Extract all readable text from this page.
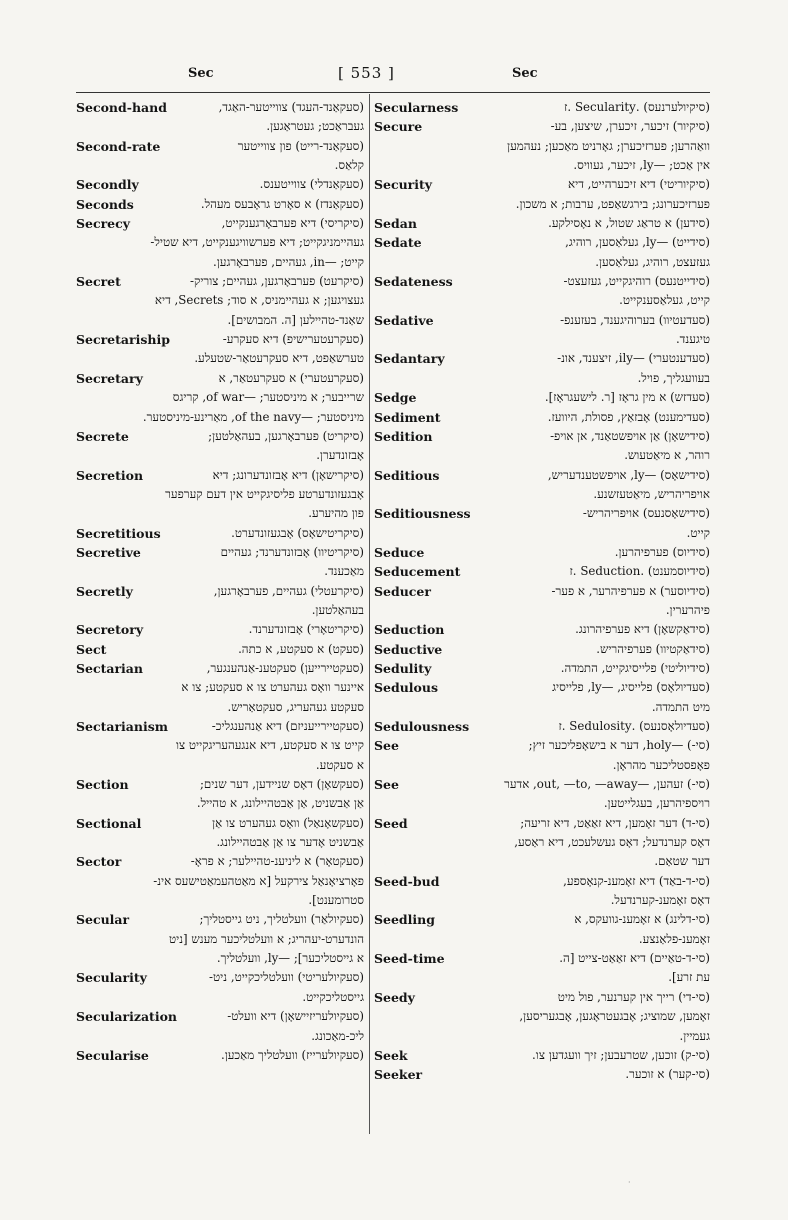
Sec	[ 553 ]	Sec
Second-hand	(סעקאַנד-העגד) צווייטער-האַגד,
געבראַכט; געטראַגען.
Second-rate	(סעקאַנד-רייט) פון צווייטער
קלאַס.
Secondly	(סעקאַנדלי) צווייטענס.
Seconds	(סעקאַנדז) א סאָרט גראָבעס מעהל.
Secrecy	(סיקריסי) דיא פערבאָרגענקייט,
געהיימניגקייט; דיא פערשוויגענקייט, דיא שטיל-
קייט; —in, געהיים, פערבאָרגען.
Secret	(סיקרעט) פערבאָרגען, געהיים; צוריק-
געצויגען; א געהיימניס, א סוד; Secrets, דיא
שאַנד-טהיילען [ה. המבושים].
Secretariship	(סעקרעטערישיפ) דיא סעקרע-
טערשאַפט, דיא סעקרעטאַר-שטעלע.
Secretary	(סעקרעטערי) א סעקרעטאַר, א
שרייבער; א מיניסטער; —of war, קריגס
מיניסטער; —of the navy, מאַרינע-מיניסטער.
Secrete	(סיקריט) פערבאָרגען, בעהאַלטען;
אָבזונדערן.
Secretion	(סיקרישאָן) דיא אָבזונדערונג; דיא
אָבגעזונדערטע פליסיגקייט אין דעם קערפער
פון מהיערע.
Secretitious	(סיקריטישאָס) אָבגעזונדערט.
Secretive	(סיקריטיוו) אָבזונדערנד; געהיים
מאַכענד.
Secretly	(סיקרעטלי) געהיים, פערבאָרגען,
בעהאַלטען.
Secretory	(סיקריטאָרי) אָבזונדערנד.
Sect	(סעקט) א סעקטע, א כתה.
Sectarian	(סעקטיירייען) סעקטענ-אַנהענגער,
איינער וואָס געהערט צו א סעקטע; צו א
סעקטע געהעריג, סעקטאַריש.
Sectarianism	(סעקטיירייעניזם) דיא אַנהענגליכ-
קייט צו א סעקטע, דיא אנגעהעריגקייט צו
א סעקטע.
Section	(סעקשאָן) דאָס שניידען, דער שנים;
אַן אַבשניט, אַן אַבטהיילונג, א טהייל.
Sectional	(סעקשאָנאַל) וואָס געהערט צו אַן
אַבשניט אָדער צו אַן אַבטהיילונג.
Sector	(סעקטאָר) א ליניענ-טהיילער; א פראָ-
פאָרציאָנאַל צירקעל [א מאַטהעמאַטישעס אינ-
סטרומענט].
Secular	(סעקיולאַר) וועלטליך, ניט גייסטליך;
הונדערט-יעהריג; א וועלטליכער מענש [ניט
א גייסטליכער]; —ly, וועלטליך.
Secularity	(סעקיולעריטי) וועלטליכקייט, ניט-
גייסטליכקייט.
Secularization	(סעקיולעריזיישאָן) דיא וועלט-
ליכ-מאַכונג.
Secularise	(סעקיולערייז) וועלטליך מאַכען.
Secularness	(סיקיולערנעס) .Secularity .ז
Secure	(סיקיור) זיכער, זיכערן, שיצען, בע-
וואַהרען; פערזיכערן; גאָרניט מאַכען; נעהמען
אין אַכט; —ly, זיכער, געוויס.
Security	(סיקיוריטי) דיא זיכערהייט, דיא
פערזיכערונג; בירגשאַפט, ערבות; א משכון.
Sedan	(סידען) א טראַג שטול, א נאָסילקע.
Sedate	(סידייט) —ly, געלאַסען, רוהיג,
געזעצט, רוהיג, געלאַסען.
Sedateness	(סידייטנעס) רוהיגקייט, געזעצט-
קייט, געלאַסענקייט.
Sedative	(סעדעטיוו) בערוהיגענד, בעזענפ-
טיגענד.
Sedantary	(סעדענטערי) —ily, זיצענד, אונ-
בעוועגליך, פויל.
Sedge	(סעדזש) א מין גראָז [ר. לישעגראָז].
Sediment	(סעדימענט) אָבזאַץ, פסולת, היוועז.
Sedition	(סידישאָן) אַן אויפשטאַנד, אן אויפ-
רוהר, א מיאַטעוש.
Seditious	(סידישאָס) —ly, אויפשטענדעריש,
אויפריהריש, מיאַטעזשנע.
Seditiousness	(סידישאָסנעס) אויפריהריש-
קייט.
Seduce	(סידיוס) פערפיהרען.
Seducement	(סידיוסמענט) .Seduction .ז
Seducer	(סידיוסער) א פערפיהרער, א פער-
פיהרערין.
Seduction	(סידאַקשאָן) דיא פערפיהרונג.
Seductive	(סידאַקטיוו) פערפיהריש.
Sedulity	(סידיוליטי) פלייסיגקייט, התמדה.
Sedulous	(סעדיולאָס) פלייסיג, —ly, פלייסיג
מיט התמדה.
Sedulousness	(סעדיולאָסנעס) .Sedulosity .ז
See	(סי-) —holy, דער א בישאָפליכער זיץ;
פאָפסטליכער מהראָן.
See	(סי-) זעהען, —out, —to, —away, אדער
רויספיהרען, בעגלייטען.
Seed	(סי-ד) דער זאָמען, דיא זאַאַט, דיא זריעה;
דאָס קערנדעל; דאָס געשלעכט, דיא ראַסע,
דער שטאַם.
Seed-bud	(סי-ד-באַד) דיא זאָמענ-קנאָספע,
דאָס זאָמענ-קערנדעל.
Seedling	(סי-דלינג) א זאָמענ-גוועקס, א
זאָמענ-פלאַנצע.
Seed-time	(סי-ד-טאַיים) דיא זאַאַט-צייט [ה.
עת זרע].
Seedy	(סי-די) רייך אין קערנער, פול מיט
זאָמען, שמוציג; אָבגעטראָגען, אָבגעריסען,
געמיין.
Seek	(סי-ק) זוכען, שטרעבען; זיך וועגדען צו.
Seeker	(סי-קער) א זוכער.
·
